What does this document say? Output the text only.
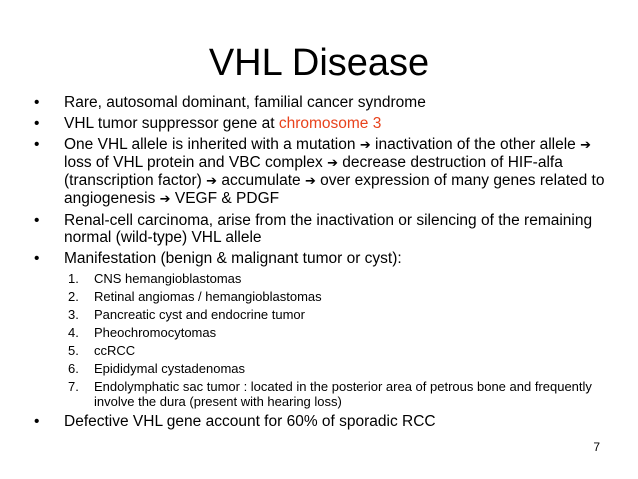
VHL Disease
• Rare, autosomal dominant, familial cancer syndrome
• VHL tumor suppressor gene at chromosome 3
• One VHL allele is inherited with a mutation ➔ inactivation of the other allele ➔ loss of VHL protein and VBC complex ➔ decrease destruction of HIF-alfa (transcription factor) ➔ accumulate ➔ over expression of many genes related to angiogenesis ➔ VEGF & PDGF
• Renal-cell carcinoma, arise from the inactivation or silencing of the remaining normal (wild-type) VHL allele
• Manifestation (benign & malignant tumor or cyst):
1. CNS hemangioblastomas
2. Retinal angiomas / hemangioblastomas
3. Pancreatic cyst and endocrine tumor
4. Pheochromocytomas
5. ccRCC
6. Epididymal cystadenomas
7. Endolymphatic sac tumor : located in the posterior area of petrous bone and frequently involve the dura (present with hearing loss)
• Defective VHL gene account for 60% of sporadic RCC
7
